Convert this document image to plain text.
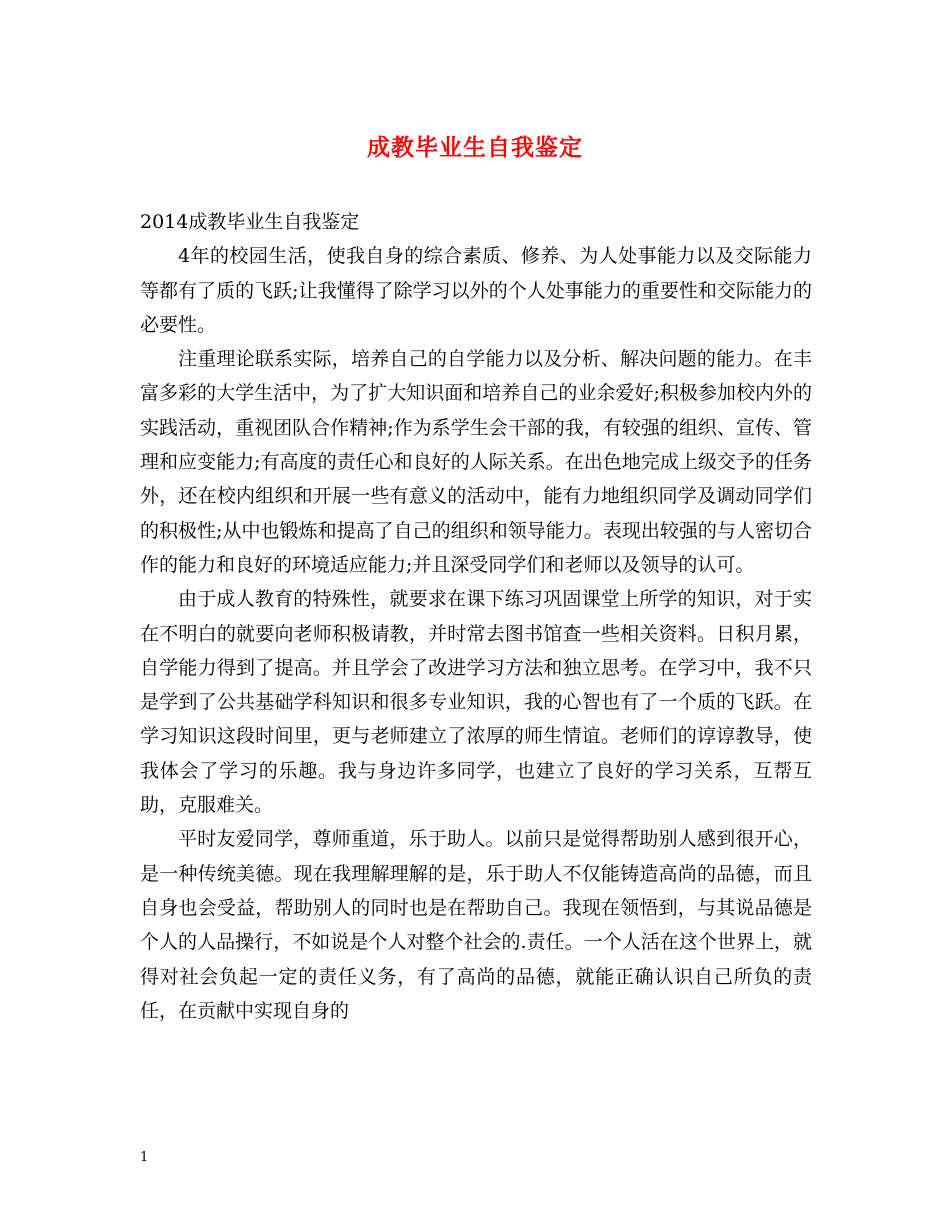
成教毕业生自我鉴定

2014成教毕业生自我鉴定

4年的校园生活，使我自身的综合素质、修养、为人处事能力以及交际能力等都有了质的飞跃;让我懂得了除学习以外的个人处事能力的重要性和交际能力的必要性。

注重理论联系实际，培养自己的自学能力以及分析、解决问题的能力。在丰富多彩的大学生活中，为了扩大知识面和培养自己的业余爱好;积极参加校内外的实践活动，重视团队合作精神;作为系学生会干部的我，有较强的组织、宣传、管理和应变能力;有高度的责任心和良好的人际关系。在出色地完成上级交予的任务外，还在校内组织和开展一些有意义的活动中，能有力地组织同学及调动同学们的积极性;从中也锻炼和提高了自己的组织和领导能力。表现出较强的与人密切合作的能力和良好的环境适应能力;并且深受同学们和老师以及领导的认可。

由于成人教育的特殊性，就要求在课下练习巩固课堂上所学的知识，对于实在不明白的就要向老师积极请教，并时常去图书馆查一些相关资料。日积月累，自学能力得到了提高。并且学会了改进学习方法和独立思考。在学习中，我不只是学到了公共基础学科知识和很多专业知识，我的心智也有了一个质的飞跃。在学习知识这段时间里，更与老师建立了浓厚的师生情谊。老师们的谆谆教导，使我体会了学习的乐趣。我与身边许多同学，也建立了良好的学习关系，互帮互助，克服难关。

平时友爱同学，尊师重道，乐于助人。以前只是觉得帮助别人感到很开心，是一种传统美德。现在我理解理解的是，乐于助人不仅能铸造高尚的品德，而且自身也会受益，帮助别人的同时也是在帮助自己。我现在领悟到，与其说品德是个人的人品操行，不如说是个人对整个社会的.责任。一个人活在这个世界上，就得对社会负起一定的责任义务，有了高尚的品德，就能正确认识自己所负的责任，在贡献中实现自身的

1
